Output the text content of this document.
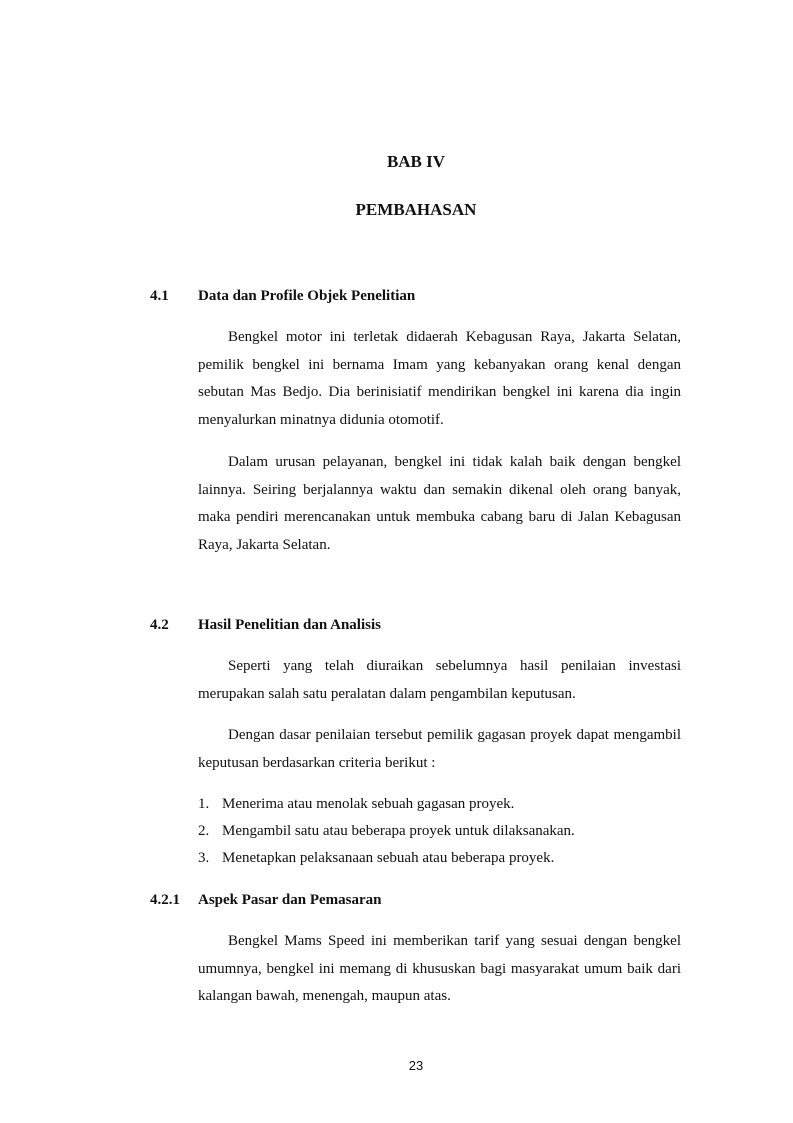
BAB IV
PEMBAHASAN
4.1	Data dan Profile Objek Penelitian

Bengkel motor ini terletak didaerah Kebagusan Raya, Jakarta Selatan, pemilik bengkel ini bernama Imam yang kebanyakan orang kenal dengan sebutan Mas Bedjo. Dia berinisiatif mendirikan bengkel ini karena dia ingin menyalurkan minatnya didunia otomotif.

Dalam urusan pelayanan, bengkel ini tidak kalah baik dengan bengkel lainnya. Seiring berjalannya waktu dan semakin dikenal oleh orang banyak, maka pendiri merencanakan untuk membuka cabang baru di Jalan Kebagusan Raya, Jakarta Selatan.

4.2	Hasil Penelitian dan Analisis

Seperti yang telah diuraikan sebelumnya hasil penilaian investasi merupakan salah satu peralatan dalam pengambilan keputusan.

Dengan dasar penilaian tersebut pemilik gagasan proyek dapat mengambil keputusan berdasarkan criteria berikut :

1. Menerima atau menolak sebuah gagasan proyek.
2. Mengambil satu atau beberapa proyek untuk dilaksanakan.
3. Menetapkan pelaksanaan sebuah atau beberapa proyek.
4.2.1	Aspek Pasar dan Pemasaran

Bengkel Mams Speed ini memberikan tarif yang sesuai dengan bengkel umumnya, bengkel ini memang di khususkan bagi masyarakat umum baik dari kalangan bawah, menengah, maupun atas.

23
